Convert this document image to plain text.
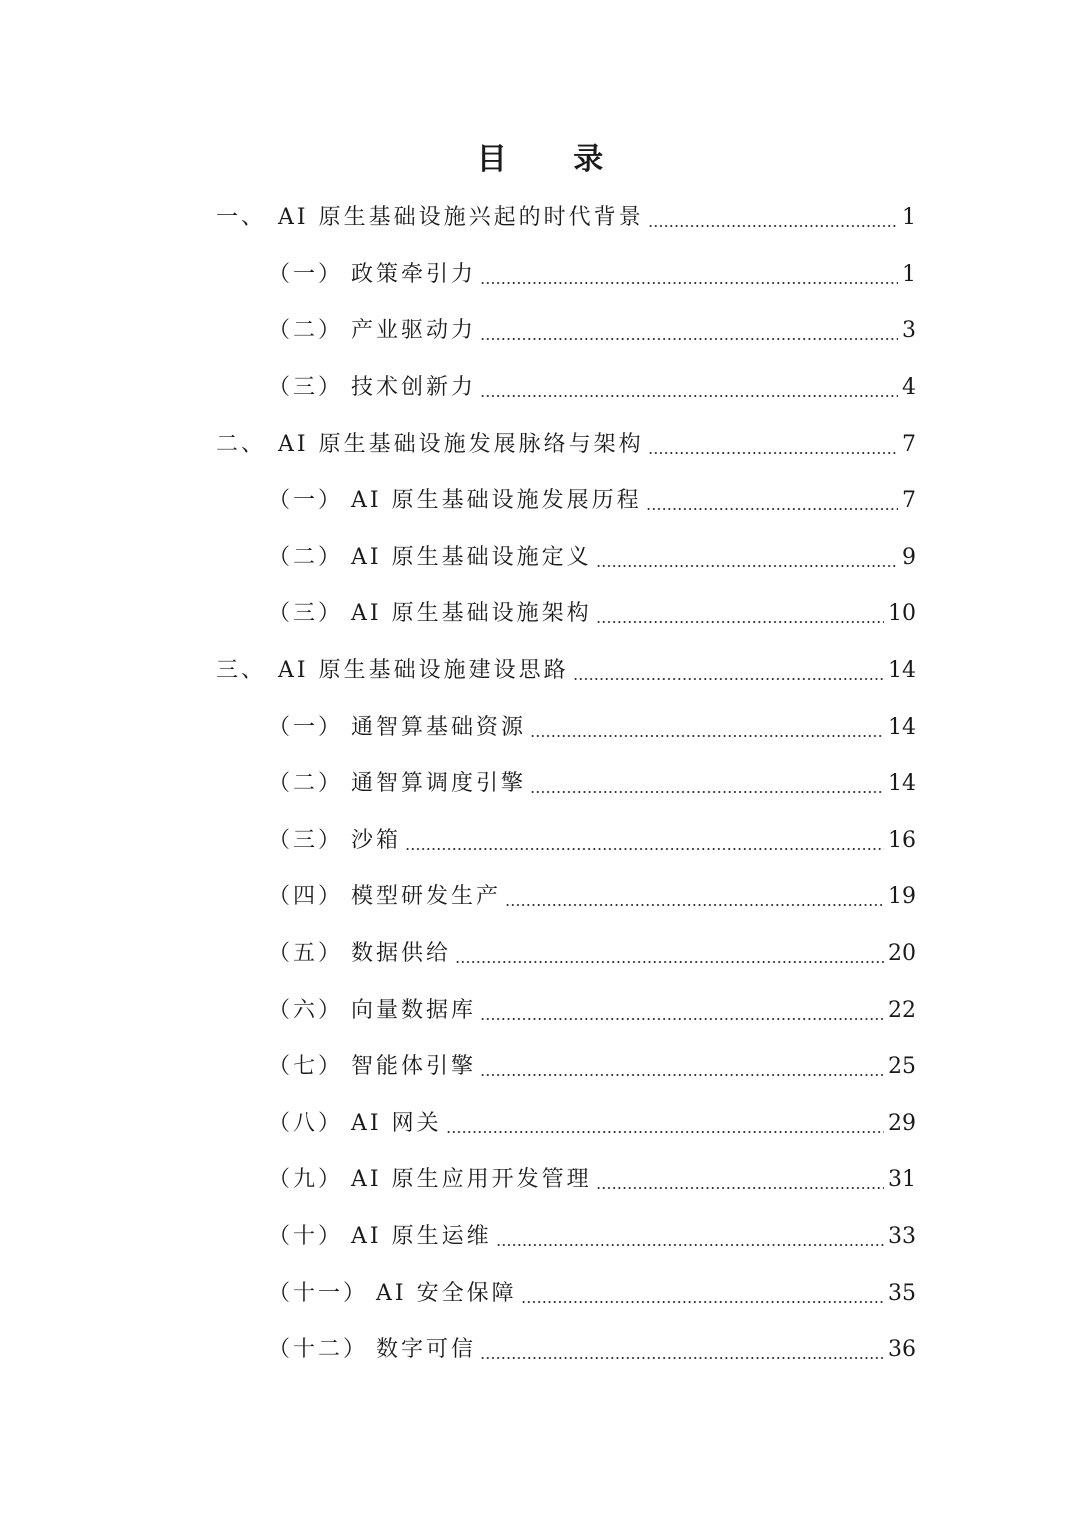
目 录
一、 AI 原生基础设施兴起的时代背景	1
（一） 政策牵引力	1
（二） 产业驱动力	3
（三） 技术创新力	4
二、 AI 原生基础设施发展脉络与架构	7
（一） AI 原生基础设施发展历程	7
（二） AI 原生基础设施定义	9
（三） AI 原生基础设施架构	10
三、 AI 原生基础设施建设思路	14
（一） 通智算基础资源	14
（二） 通智算调度引擎	14
（三） 沙箱	16
（四） 模型研发生产	19
（五） 数据供给	20
（六） 向量数据库	22
（七） 智能体引擎	25
（八） AI 网关	29
（九） AI 原生应用开发管理	31
（十） AI 原生运维	33
（十一） AI 安全保障	35
（十二） 数字可信	36
